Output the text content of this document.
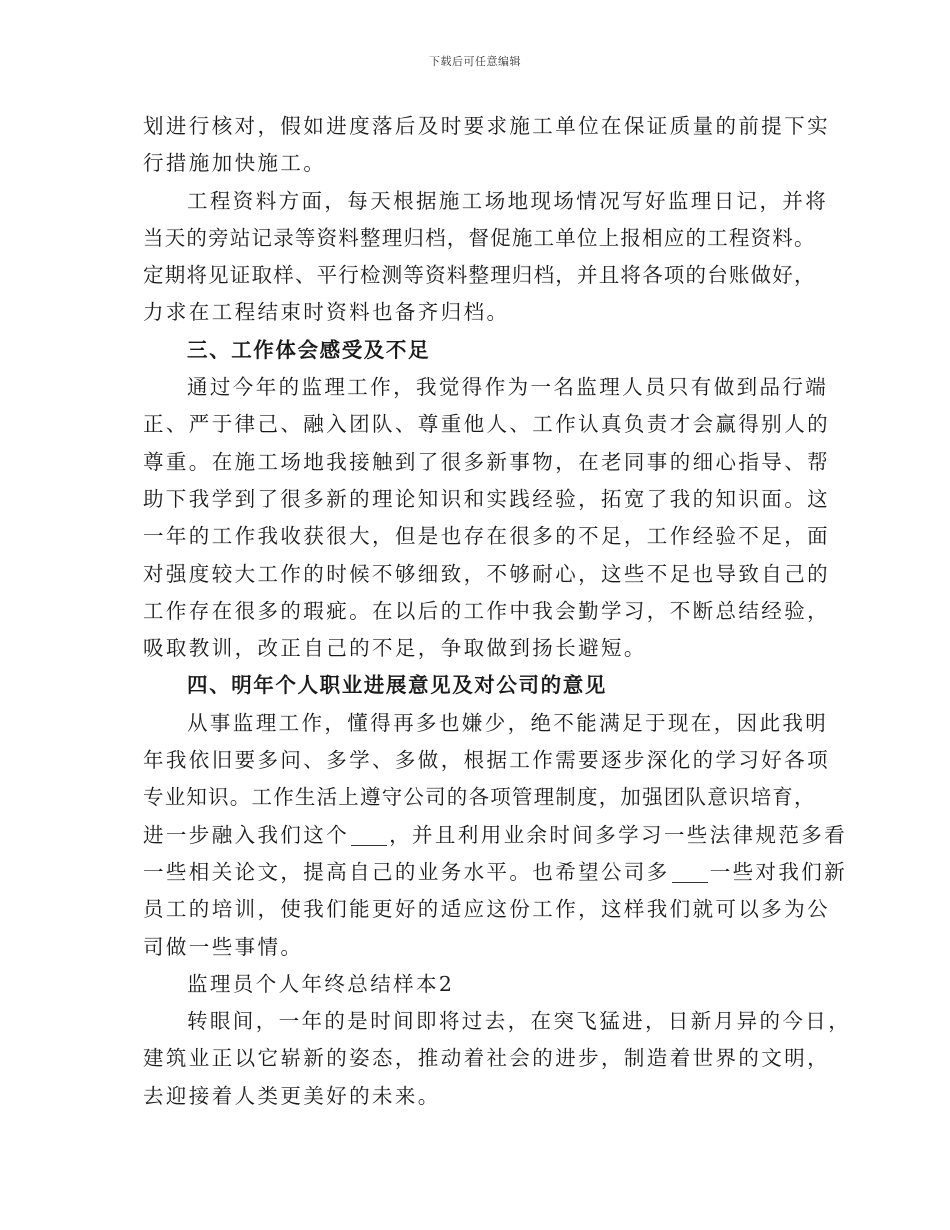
下载后可任意编辑
划进行核对，假如进度落后及时要求施工单位在保证质量的前提下实
行措施加快施工。
工程资料方面，每天根据施工场地现场情况写好监理日记，并将
当天的旁站记录等资料整理归档，督促施工单位上报相应的工程资料。
定期将见证取样、平行检测等资料整理归档，并且将各项的台账做好，
力求在工程结束时资料也备齐归档。
三、工作体会感受及不足
通过今年的监理工作，我觉得作为一名监理人员只有做到品行端
正、严于律己、融入团队、尊重他人、工作认真负责才会赢得别人的
尊重。在施工场地我接触到了很多新事物，在老同事的细心指导、帮
助下我学到了很多新的理论知识和实践经验，拓宽了我的知识面。这
一年的工作我收获很大，但是也存在很多的不足，工作经验不足，面
对强度较大工作的时候不够细致，不够耐心，这些不足也导致自己的
工作存在很多的瑕疵。在以后的工作中我会勤学习，不断总结经验，
吸取教训，改正自己的不足，争取做到扬长避短。
四、明年个人职业进展意见及对公司的意见
从事监理工作，懂得再多也嫌少，绝不能满足于现在，因此我明
年我依旧要多问、多学、多做，根据工作需要逐步深化的学习好各项
专业知识。工作生活上遵守公司的各项管理制度，加强团队意识培育，
进一步融入我们这个 ，并且利用业余时间多学习一些法律规范多看
一些相关论文，提高自己的业务水平。也希望公司多 一些对我们新
员工的培训，使我们能更好的适应这份工作，这样我们就可以多为公
司做一些事情。
监理员个人年终总结样本2
转眼间，一年的是时间即将过去，在突飞猛进，日新月异的今日，
建筑业正以它崭新的姿态，推动着社会的进步，制造着世界的文明，
去迎接着人类更美好的未来。
